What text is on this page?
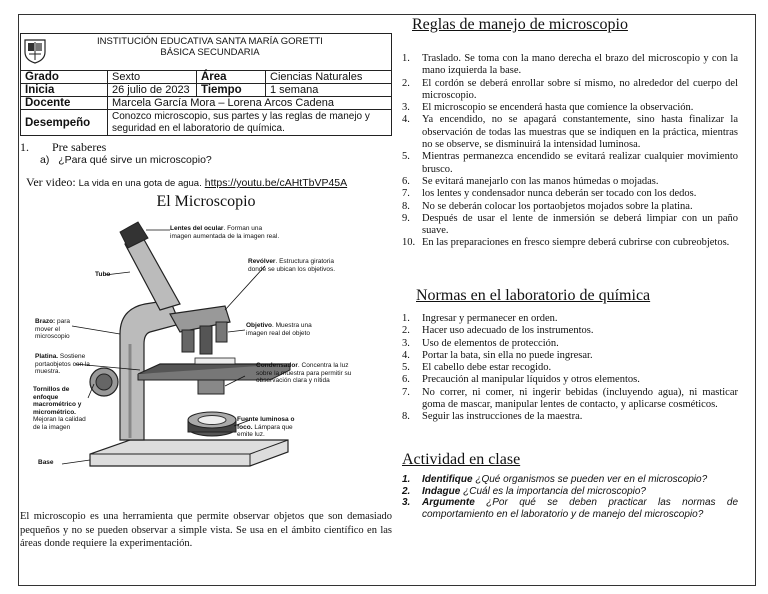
INSTITUCIÓN EDUCATIVA SANTA MARÍA GORETTI
BÁSICA SECUNDARIA
Grado	Sexto	Área	Ciencias Naturales
Inicia	26 julio de 2023	Tiempo	1 semana
Docente	Marcela García Mora – Lorena Arcos Cadena		
Desempeño	Conozco microscopio, sus partes y las reglas de manejo y seguridad en el laboratorio de química.		
1. Pre saberes
a) ¿Para qué sirve un microscopio?
Ver video: La vida en una gota de agua. https://youtu.be/cAHtTbVP45A
El Microscopio
Lentes del ocular. Forman una imagen aumentada de la imagen real.
Tubo
Revólver. Estructura giratoria donde se ubican los objetivos.
Brazo: para mover el microscopio
Objetivo. Muestra una imagen real del objeto
Platina. Sostiene portaobjetos con la muestra.
Condensador. Concentra la luz sobre la muestra para permitir su observación clara y nítida
Tornillos de enfoque macrométrico y micrométrico. Mejoran la calidad de la imagen
Fuente luminosa o foco. Lámpara que emite luz.
Base
El microscopio es una herramienta que permite observar objetos que son demasiado pequeños y no se pueden observar a simple vista. Se usa en el ámbito científico en las áreas donde requiere la experimentación.
Reglas de manejo de microscopio
1. Traslado. Se toma con la mano derecha el brazo del microscopio y con la mano izquierda la base.
2. El cordón se deberá enrollar sobre sí mismo, no alrededor del cuerpo del microscopio.
3. El microscopio se encenderá hasta que comience la observación.
4. Ya encendido, no se apagará constantemente, sino hasta finalizar la observación de todas las muestras que se indiquen en la práctica, mientras no se observe, se disminuirá la intensidad luminosa.
5. Mientras permanezca encendido se evitará realizar cualquier movimiento brusco.
6. Se evitará manejarlo con las manos húmedas o mojadas.
7. los lentes y condensador nunca deberán ser tocado con los dedos.
8. No se deberán colocar los portaobjetos mojados sobre la platina.
9. Después de usar el lente de inmersión se deberá limpiar con un paño suave.
10. En las preparaciones en fresco siempre deberá cubrirse con cubreobjetos.
Normas en el laboratorio de química
1. Ingresar y permanecer en orden.
2. Hacer uso adecuado de los instrumentos.
3. Uso de elementos de protección.
4. Portar la bata, sin ella no puede ingresar.
5. El cabello debe estar recogido.
6. Precaución al manipular líquidos y otros elementos.
7. No correr, ni comer, ni ingerir bebidas (incluyendo agua), ni masticar goma de mascar, manipular lentes de contacto, y aplicarse cosméticos.
8. Seguir las instrucciones de la maestra.
Actividad en clase
1. Identifique ¿Qué organismos se pueden ver en el microscopio?
2. Indague ¿Cuál es la importancia del microscopio?
3. Argumente ¿Por qué se deben practicar las normas de comportamiento en el laboratorio y de manejo del microscopio?
